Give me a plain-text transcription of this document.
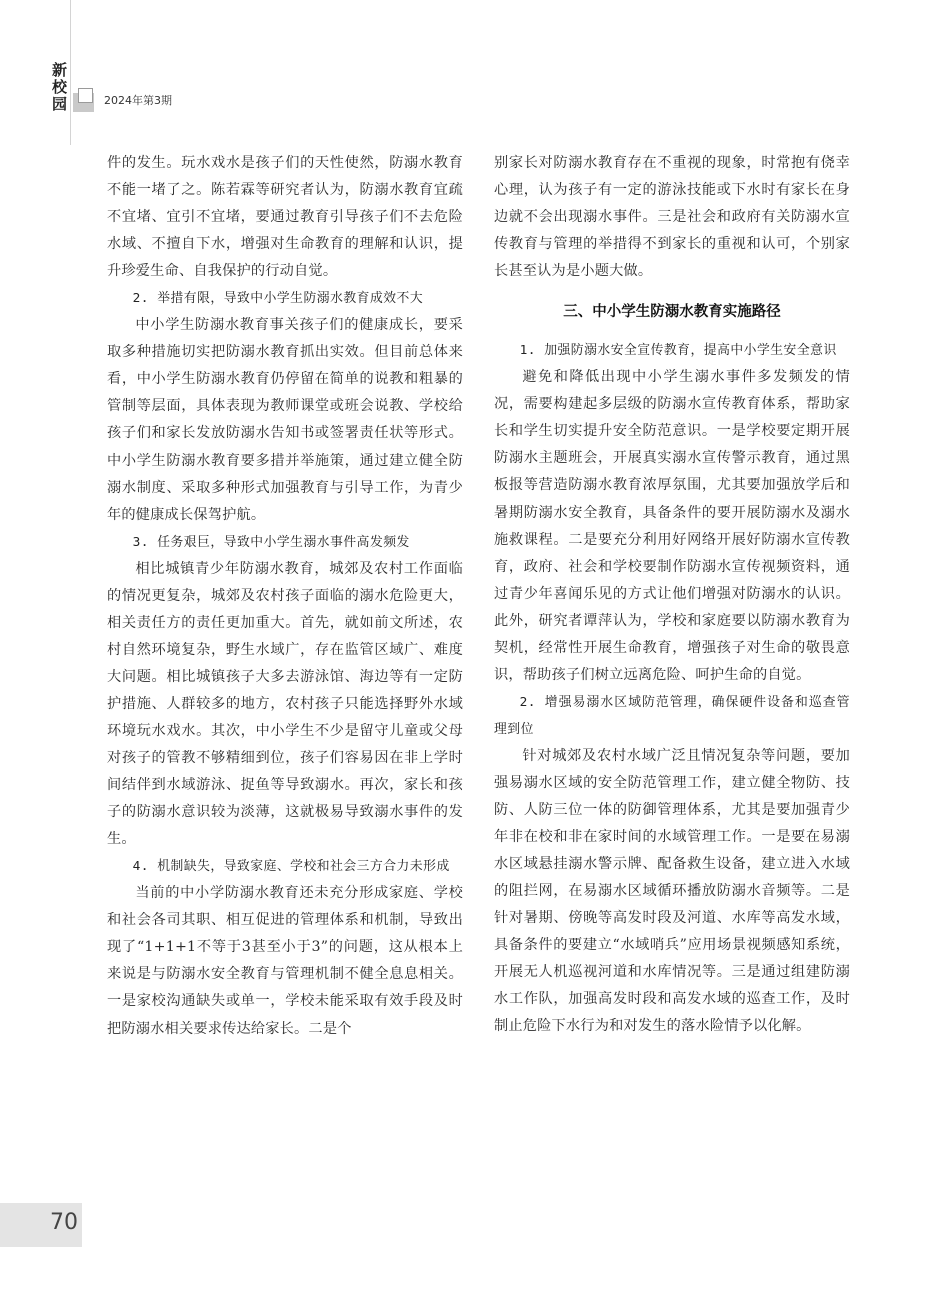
新
校
园	2024年第3期

件的发生。玩水戏水是孩子们的天性使然，防溺水教育不能一堵了之。陈若霖等研究者认为，防溺水教育宜疏不宜堵、宜引不宜堵，要通过教育引导孩子们不去危险水域、不擅自下水，增强对生命教育的理解和认识，提升珍爱生命、自我保护的行动自觉。

2. 举措有限，导致中小学生防溺水教育成效不大

中小学生防溺水教育事关孩子们的健康成长，要采取多种措施切实把防溺水教育抓出实效。但目前总体来看，中小学生防溺水教育仍停留在简单的说教和粗暴的管制等层面，具体表现为教师课堂或班会说教、学校给孩子们和家长发放防溺水告知书或签署责任状等形式。中小学生防溺水教育要多措并举施策，通过建立健全防溺水制度、采取多种形式加强教育与引导工作，为青少年的健康成长保驾护航。

3. 任务艰巨，导致中小学生溺水事件高发频发

相比城镇青少年防溺水教育，城郊及农村工作面临的情况更复杂，城郊及农村孩子面临的溺水危险更大，相关责任方的责任更加重大。首先，就如前文所述，农村自然环境复杂，野生水域广，存在监管区域广、难度大问题。相比城镇孩子大多去游泳馆、海边等有一定防护措施、人群较多的地方，农村孩子只能选择野外水域环境玩水戏水。其次，中小学生不少是留守儿童或父母对孩子的管教不够精细到位，孩子们容易因在非上学时间结伴到水域游泳、捉鱼等导致溺水。再次，家长和孩子的防溺水意识较为淡薄，这就极易导致溺水事件的发生。

4. 机制缺失，导致家庭、学校和社会三方合力未形成

当前的中小学防溺水教育还未充分形成家庭、学校和社会各司其职、相互促进的管理体系和机制，导致出现了“1+1+1不等于3甚至小于3”的问题，这从根本上来说是与防溺水安全教育与管理机制不健全息息相关。一是家校沟通缺失或单一，学校未能采取有效手段及时把防溺水相关要求传达给家长。二是个

别家长对防溺水教育存在不重视的现象，时常抱有侥幸心理，认为孩子有一定的游泳技能或下水时有家长在身边就不会出现溺水事件。三是社会和政府有关防溺水宣传教育与管理的举措得不到家长的重视和认可，个别家长甚至认为是小题大做。

三、中小学生防溺水教育实施路径
1. 加强防溺水安全宣传教育，提高中小学生安全意识

避免和降低出现中小学生溺水事件多发频发的情况，需要构建起多层级的防溺水宣传教育体系，帮助家长和学生切实提升安全防范意识。一是学校要定期开展防溺水主题班会，开展真实溺水宣传警示教育，通过黑板报等营造防溺水教育浓厚氛围，尤其要加强放学后和暑期防溺水安全教育，具备条件的要开展防溺水及溺水施救课程。二是要充分利用好网络开展好防溺水宣传教育，政府、社会和学校要制作防溺水宣传视频资料，通过青少年喜闻乐见的方式让他们增强对防溺水的认识。此外，研究者谭萍认为，学校和家庭要以防溺水教育为契机，经常性开展生命教育，增强孩子对生命的敬畏意识，帮助孩子们树立远离危险、呵护生命的自觉。

2. 增强易溺水区域防范管理，确保硬件设备和巡查管理到位

针对城郊及农村水域广泛且情况复杂等问题，要加强易溺水区域的安全防范管理工作，建立健全物防、技防、人防三位一体的防御管理体系，尤其是要加强青少年非在校和非在家时间的水域管理工作。一是要在易溺水区域悬挂溺水警示牌、配备救生设备，建立进入水域的阻拦网，在易溺水区域循环播放防溺水音频等。二是针对暑期、傍晚等高发时段及河道、水库等高发水域，具备条件的要建立“水域哨兵”应用场景视频感知系统，开展无人机巡视河道和水库情况等。三是通过组建防溺水工作队，加强高发时段和高发水域的巡查工作，及时制止危险下水行为和对发生的落水险情予以化解。

70
